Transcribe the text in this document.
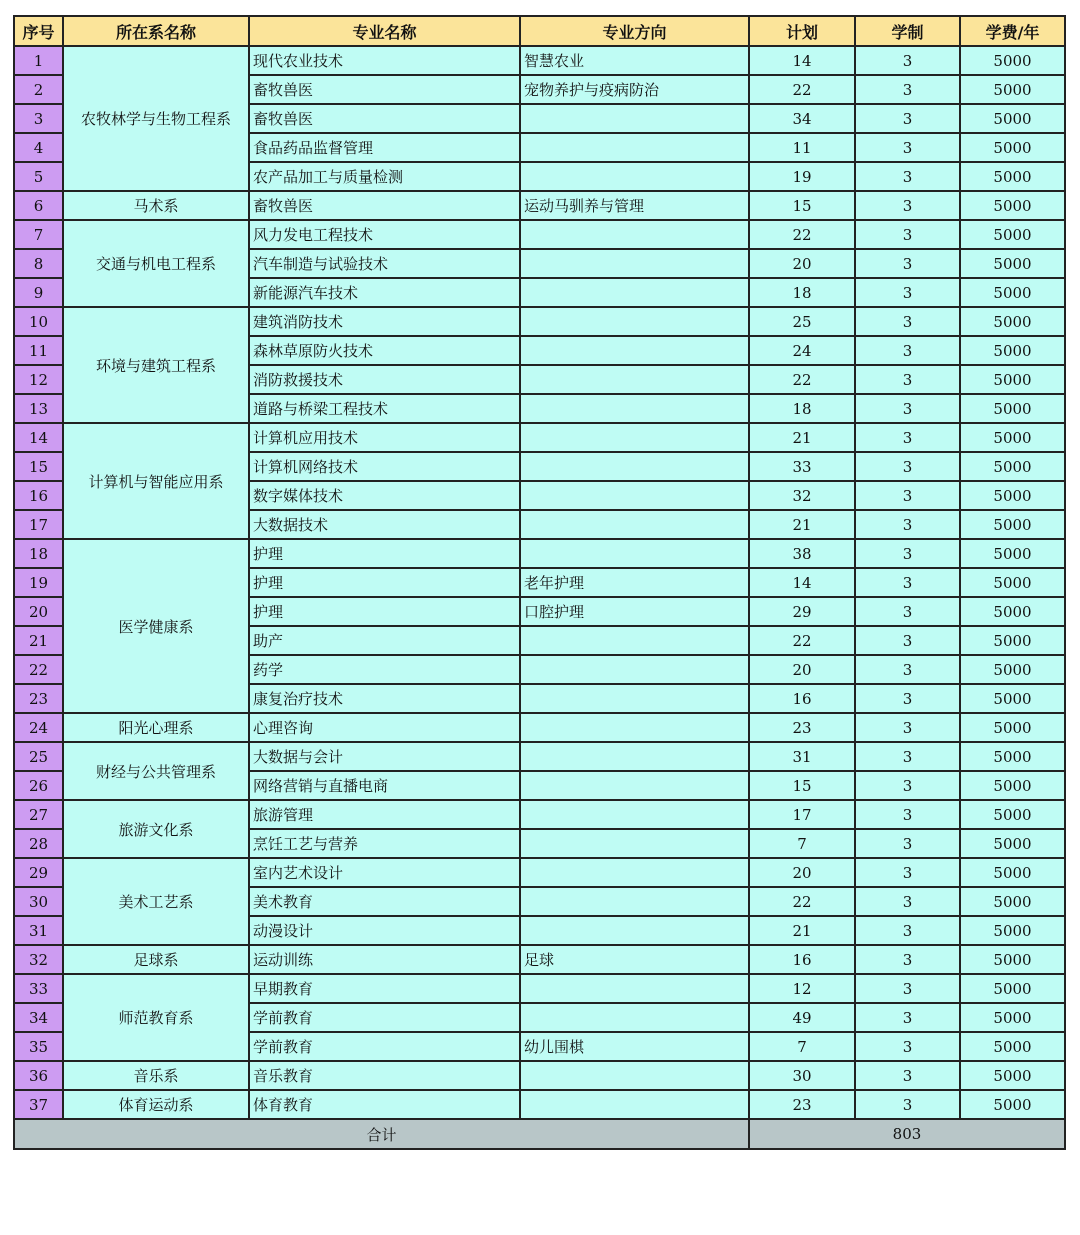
序号	所在系名称	专业名称	专业方向	计划	学制	学费/年
1	农牧林学与生物工程系	现代农业技术	智慧农业	14	3	5000
2		畜牧兽医	宠物养护与疫病防治	22	3	5000
3		畜牧兽医		34	3	5000
4		食品药品监督管理		11	3	5000
5		农产品加工与质量检测		19	3	5000
6	马术系	畜牧兽医	运动马驯养与管理	15	3	5000
7	交通与机电工程系	风力发电工程技术		22	3	5000
8		汽车制造与试验技术		20	3	5000
9		新能源汽车技术		18	3	5000
10	环境与建筑工程系	建筑消防技术		25	3	5000
11		森林草原防火技术		24	3	5000
12		消防救援技术		22	3	5000
13		道路与桥梁工程技术		18	3	5000
14	计算机与智能应用系	计算机应用技术		21	3	5000
15		计算机网络技术		33	3	5000
16		数字媒体技术		32	3	5000
17		大数据技术		21	3	5000
18	医学健康系	护理		38	3	5000
19		护理	老年护理	14	3	5000
20		护理	口腔护理	29	3	5000
21		助产		22	3	5000
22		药学		20	3	5000
23		康复治疗技术		16	3	5000
24	阳光心理系	心理咨询		23	3	5000
25	财经与公共管理系	大数据与会计		31	3	5000
26		网络营销与直播电商		15	3	5000
27	旅游文化系	旅游管理		17	3	5000
28		烹饪工艺与营养		7	3	5000
29	美术工艺系	室内艺术设计		20	3	5000
30		美术教育		22	3	5000
31		动漫设计		21	3	5000
32	足球系	运动训练	足球	16	3	5000
33	师范教育系	早期教育		12	3	5000
34		学前教育		49	3	5000
35		学前教育	幼儿围棋	7	3	5000
36	音乐系	音乐教育		30	3	5000
37	体育运动系	体育教育		23	3	5000
合计				803		
